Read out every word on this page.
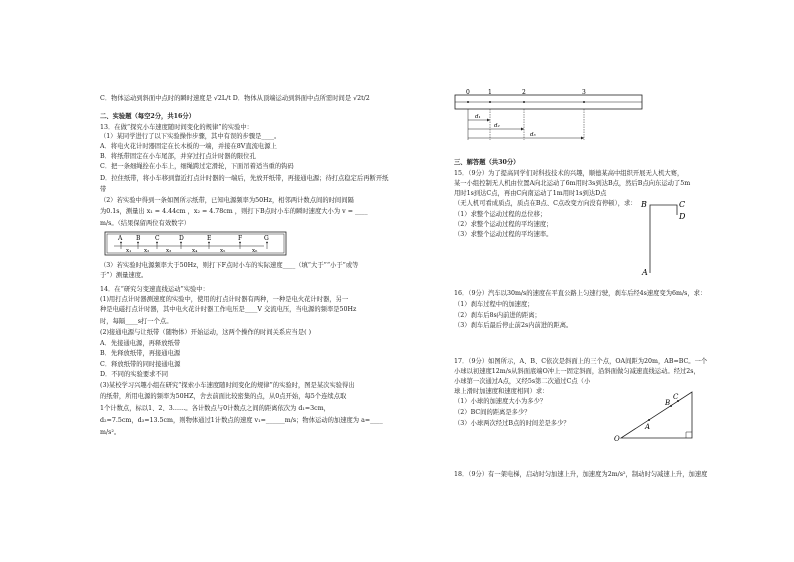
C．物体运动到斜面中点时的瞬时速度是 √2L/t D．物体从顶端运动到斜面中点所需时间是 √2t/2
二、实验题（每空2分，共16分）
13．在做“探究小车速度随时间变化的规律”的实验中：
（1）某同学进行了以下实验操作步骤，其中有误的步骤是____。
A．将电火花计时器固定在长木板的一端，并接在8V直流电源上
B．将纸带固定在小车尾部，并穿过打点计时器的限位孔
C．把一条细绳拴在小车上，细绳跨过定滑轮，下面吊着适当重的钩码
D．拉住纸带，将小车移到靠近打点计时器的一端后，先放开纸带，再接通电源；待打点稳定后再断开纸
带
（2）若实验中得到一条如图所示纸带，已知电源频率为50Hz，相邻两计数点间的时间间隔
为0.1s，测量出 x₁ = 4.44cm ，x₂ = 4.78cm ，则打下B点时小车的瞬时速度大小为 v = ____
m/s。（结果保留两位有效数字）
A B C	D	E	F	G
x₁ x₂	x₃	x₄	x₅	x₆
（3）若实验时电源频率大于50Hz，则打下F点时小车的实际速度____（填“大于”“小于”或等
于”）测量速度。
14．在“研究匀变速直线运动”实验中：
(1)用打点计时器测速度的实验中，使用的打点计时器有两种，一种是电火花计时器，另一
种是电磁打点计时器，其中电火花计时器工作电压是____V 交流电压，当电源的频率是50Hz
时，每隔____s打一个点。
(2)接通电源与让纸带（随物体）开始运动，这两个操作的时间关系应当是( )
A．先接通电源，再释放纸带
B．先释放纸带，再接通电源
C．释放纸带的同时接通电源
D．不同的实验要求不同
(3)某校学习兴趣小组在研究“探索小车速度随时间变化的规律”的实验时，图是某次实验得出
的纸带，所用电源的频率为50HZ，舍去前面比较密集的点，从0点开始，每5个连续点取
1个计数点，标以1、2、3……。各计数点与0计数点之间的距离依次为 d₁=3cm，
d₂=7.5cm，d₃=13.5cm，则物体通过1计数点的速度 v₁=______m/s；物体运动的加速度为 a=____
m/s²。
0	1	2	3
d₁
d₂
d₃
三、解答题（共30分）
15．（9分）为了提高同学们对科技技术的兴趣，顺德某高中组织开展无人机大赛，
某一小组控制无人机由位置A向北运动了6m用时3s到达B点，然后B点向东运动了5m
用时1s到达C点，再由C向南运动了1m用时1s到达D点
（无人机可看成质点，质点在B点、C点改变方向没有停顿），求：
（1）求整个运动过程的总位移；
（2）求整个运动过程的平均速度；
（3）求整个运动过程的平均速率。
B	C
D
A
16．（9分）汽车以30m/s的速度在平直公路上匀速行驶，刹车后经4s速度变为6m/s，求：
（1）刹车过程中的加速度；
（2）刹车后8s内前进的距离；
（3）刹车后最后停止前2s内前进的距离。
17．（9分）如图所示，A、B、C依次是斜面上的三个点，OA间距为20m，AB=BC。一个
小球以初速度12m/s从斜面底端O冲上一固定斜面，沿斜面做匀减速直线运动。经过2s，
小球第一次通过A点，又经5s第二次通过C点（小
球上滑时加速度和速度相同）求：
（1）小球的加速度大小为多少？
（2）BC间的距离是多少？
（3）小球两次经过B点的时间差是多少？
O
A
B
C
18．（9分）有一架电梯，启动时匀加速上升，加速度为2m/s²，制动时匀减速上升，加速度
